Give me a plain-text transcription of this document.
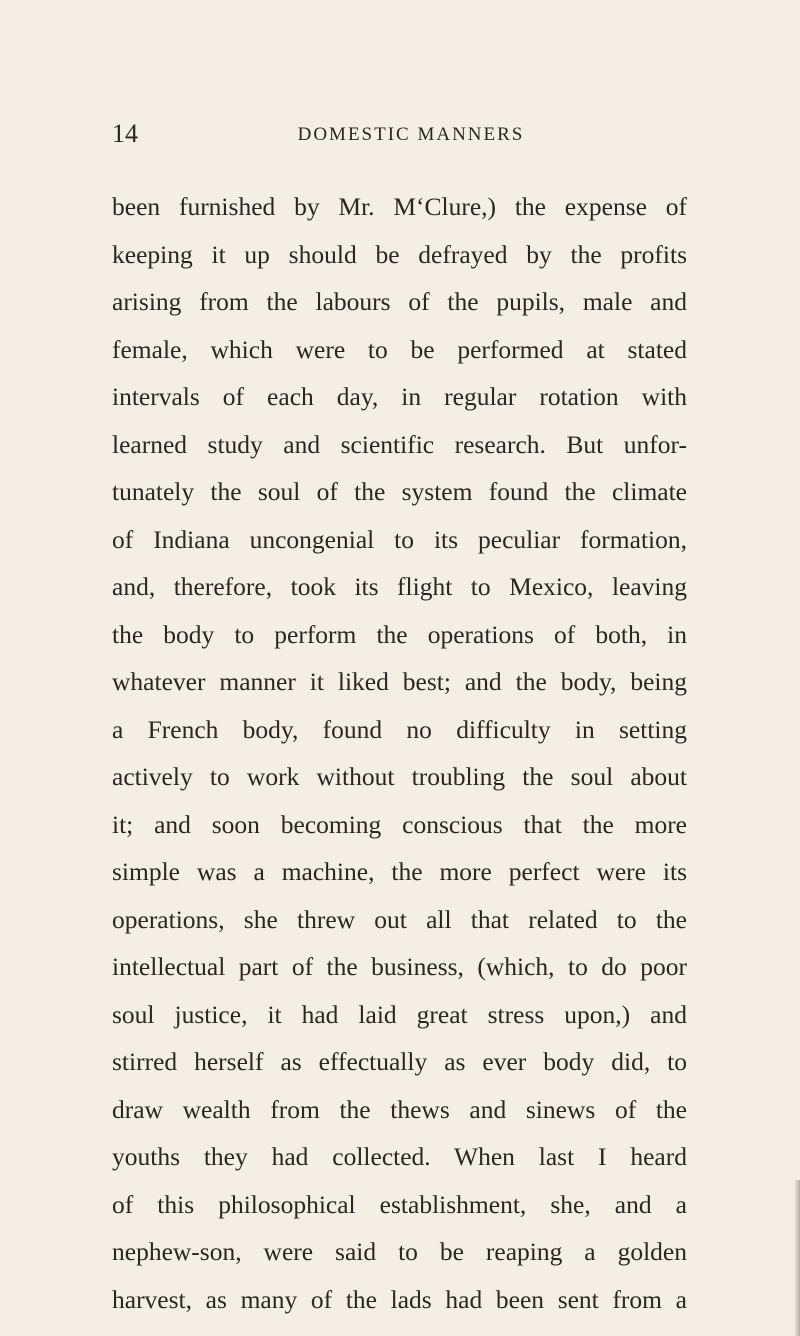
14	DOMESTIC MANNERS
been furnished by Mr. M‘Clure,) the expense of
keeping it up should be defrayed by the profits
arising from the labours of the pupils, male and
female, which were to be performed at stated
intervals of each day, in regular rotation with
learned study and scientific research. But unfor-
tunately the soul of the system found the climate
of Indiana uncongenial to its peculiar formation,
and, therefore, took its flight to Mexico, leaving
the body to perform the operations of both, in
whatever manner it liked best; and the body, being
a French body, found no difficulty in setting
actively to work without troubling the soul about
it; and soon becoming conscious that the more
simple was a machine, the more perfect were its
operations, she threw out all that related to the
intellectual part of the business, (which, to do poor
soul justice, it had laid great stress upon,) and
stirred herself as effectually as ever body did, to
draw wealth from the thews and sinews of the
youths they had collected. When last I heard
of this philosophical establishment, she, and a
nephew-son, were said to be reaping a golden
harvest, as many of the lads had been sent from a
